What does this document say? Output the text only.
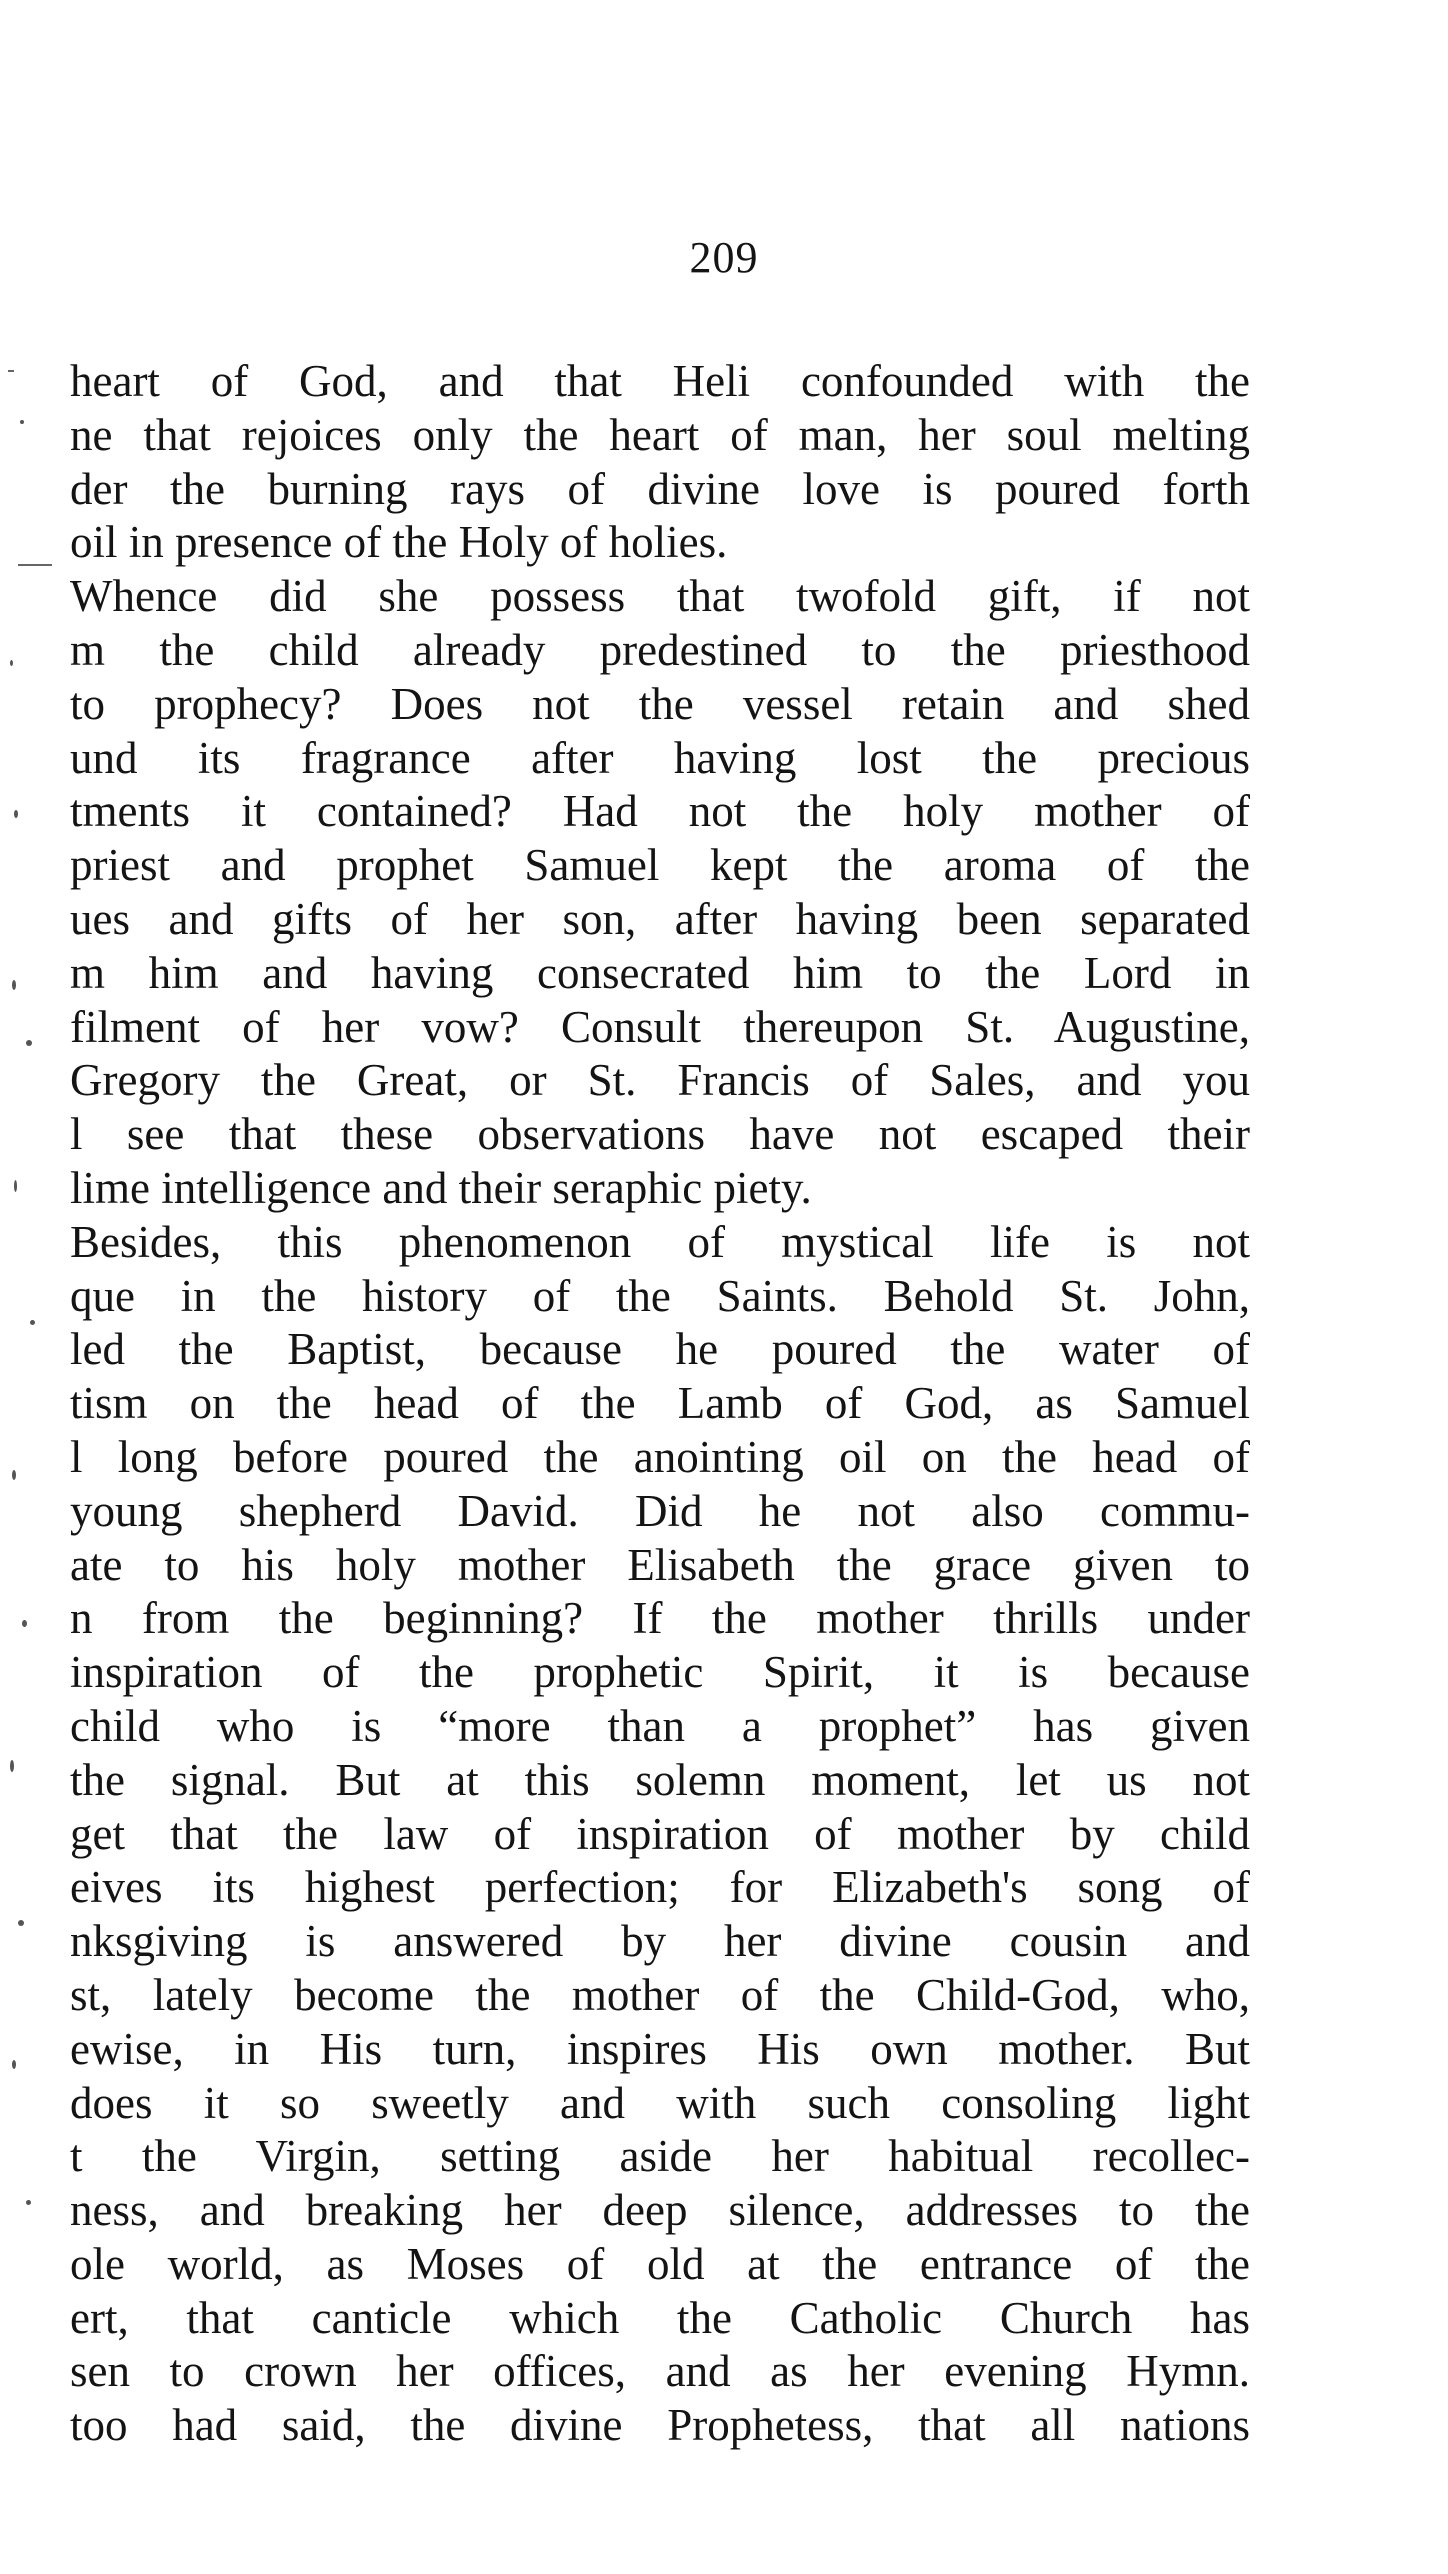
209
heart of God, and that Heli confounded with the
ne that rejoices only the heart of man, her soul melting
der the burning rays of divine love is poured forth
oil in presence of the Holy of holies.
Whence did she possess that twofold gift, if not
m the child already predestined to the priesthood
to prophecy? Does not the vessel retain and shed
und its fragrance after having lost the precious
tments it contained? Had not the holy mother of
priest and prophet Samuel kept the aroma of the
ues and gifts of her son, after having been separated
m him and having consecrated him to the Lord in
filment of her vow? Consult thereupon St. Augustine,
Gregory the Great, or St. Francis of Sales, and you
l see that these observations have not escaped their
lime intelligence and their seraphic piety.
Besides, this phenomenon of mystical life is not
que in the history of the Saints. Behold St. John,
led the Baptist, because he poured the water of
tism on the head of the Lamb of God, as Samuel
l long before poured the anointing oil on the head of
young shepherd David. Did he not also commu-
ate to his holy mother Elisabeth the grace given to
n from the beginning? If the mother thrills under
inspiration of the prophetic Spirit, it is because
child who is “more than a prophet” has given
the signal. But at this solemn moment, let us not
get that the law of inspiration of mother by child
eives its highest perfection; for Elizabeth's song of
nksgiving is answered by her divine cousin and
st, lately become the mother of the Child-God, who,
ewise, in His turn, inspires His own mother. But
does it so sweetly and with such consoling light
t the Virgin, setting aside her habitual recollec-
ness, and breaking her deep silence, addresses to the
ole world, as Moses of old at the entrance of the
ert, that canticle which the Catholic Church has
sen to crown her offices, and as her evening Hymn.
too had said, the divine Prophetess, that all nations
